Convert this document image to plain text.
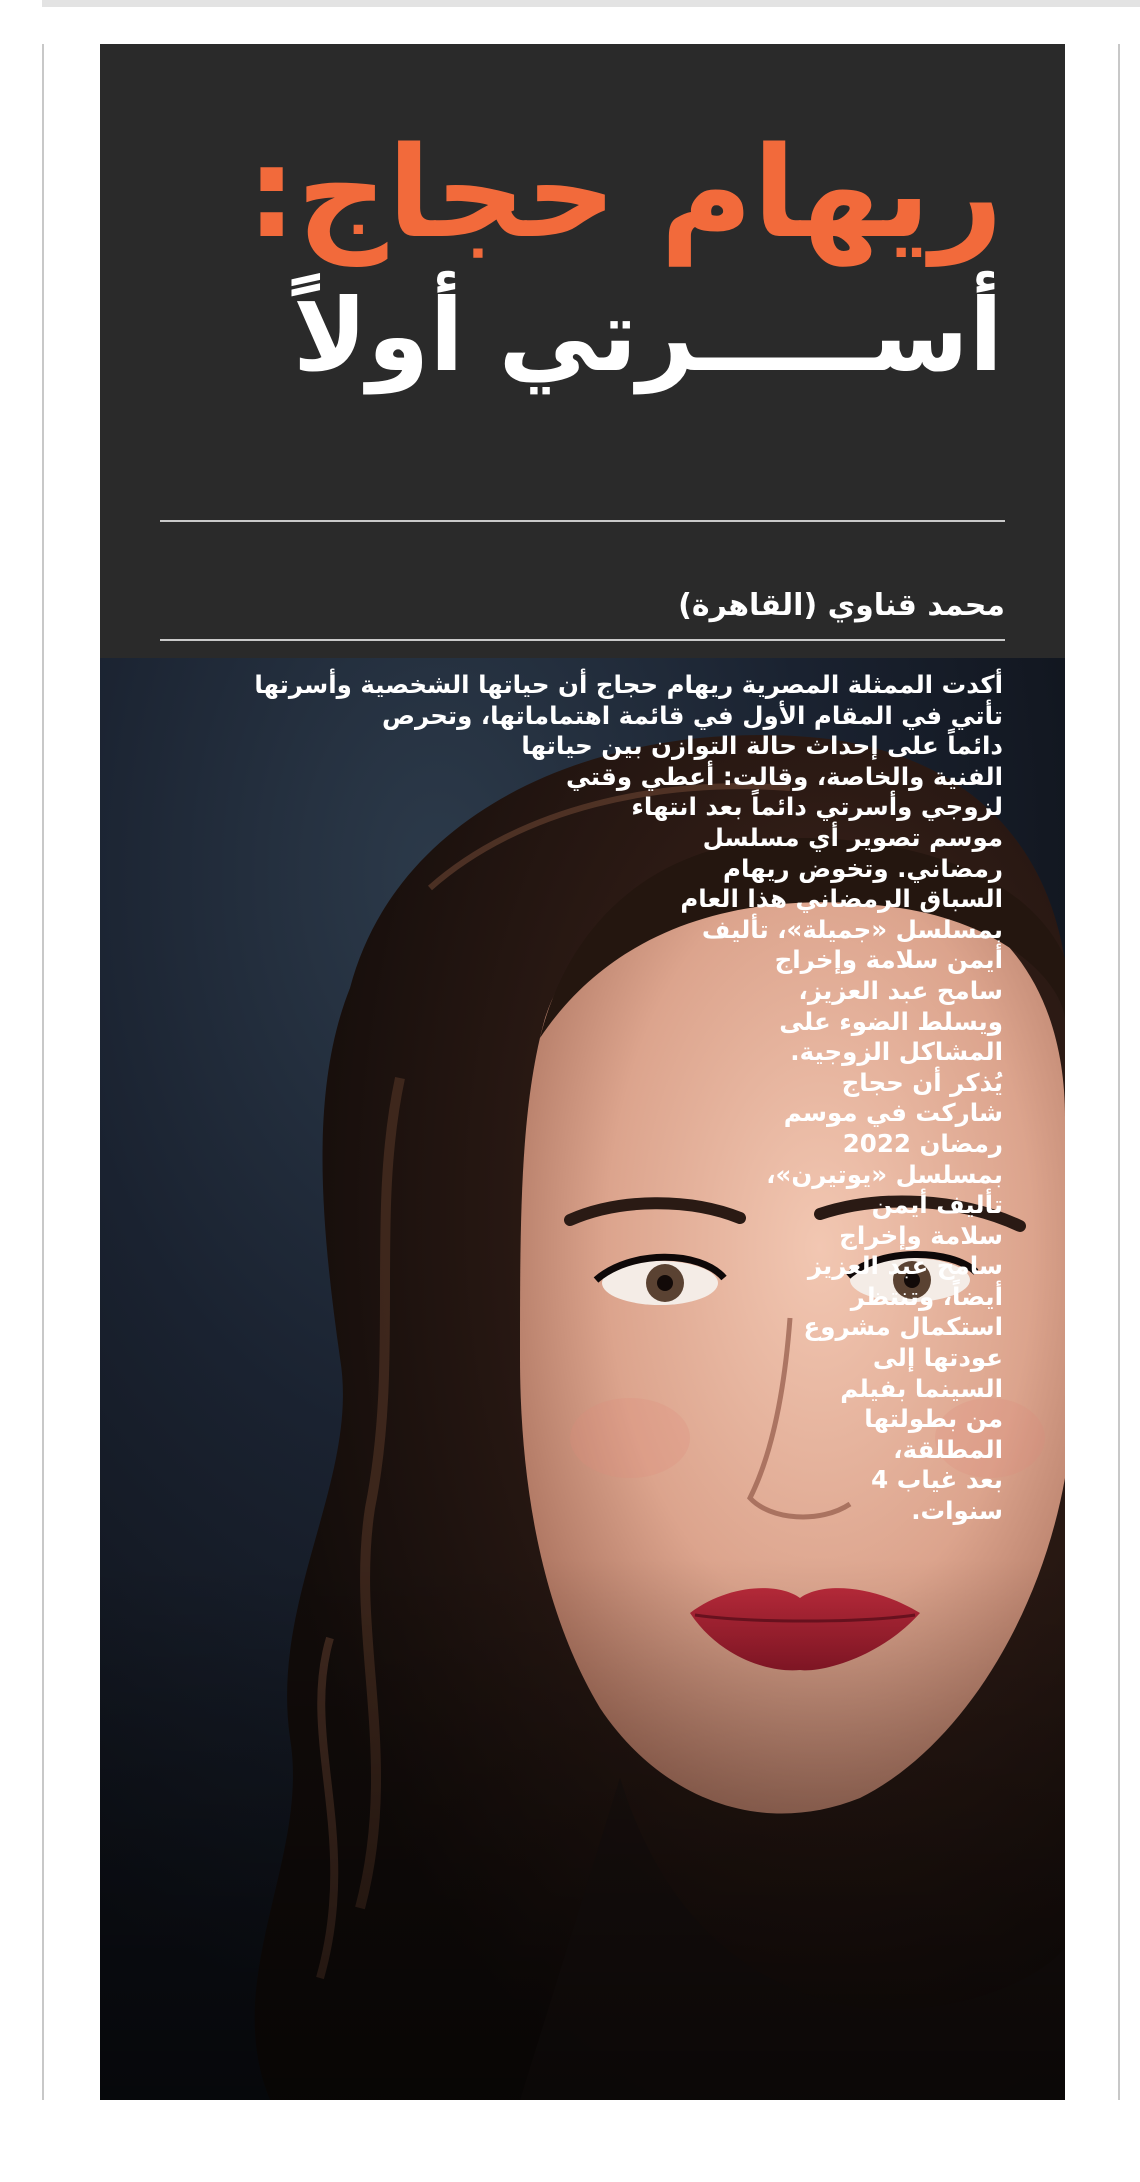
ريهام حجاج:
أســـــرتي أولاً
محمد قناوي (القاهرة)
أكدت الممثلة المصرية ريهام حجاج أن حياتها الشخصية وأسرتها
تأتي في المقام الأول في قائمة اهتماماتها، وتحرص
دائماً على إحداث حالة التوازن بين حياتها
الفنية والخاصة، وقالت: أعطي وقتي
لزوجي وأسرتي دائماً بعد انتهاء
موسم تصوير أي مسلسل
رمضاني. وتخوض ريهام
السباق الرمضاني هذا العام
بمسلسل «جميلة»، تأليف
أيمن سلامة وإخراج
سامح عبد العزيز،
ويسلط الضوء على
المشاكل الزوجية.
يُذكر أن حجاج
شاركت في موسم
رمضان 2022
بمسلسل «يوتيرن»،
تأليف أيمن
سلامة وإخراج
سامح عبد العزيز
أيضاً، وتنتظر
استكمال مشروع
عودتها إلى
السينما بفيلم
من بطولتها
المطلقة،
بعد غياب 4
سنوات.
